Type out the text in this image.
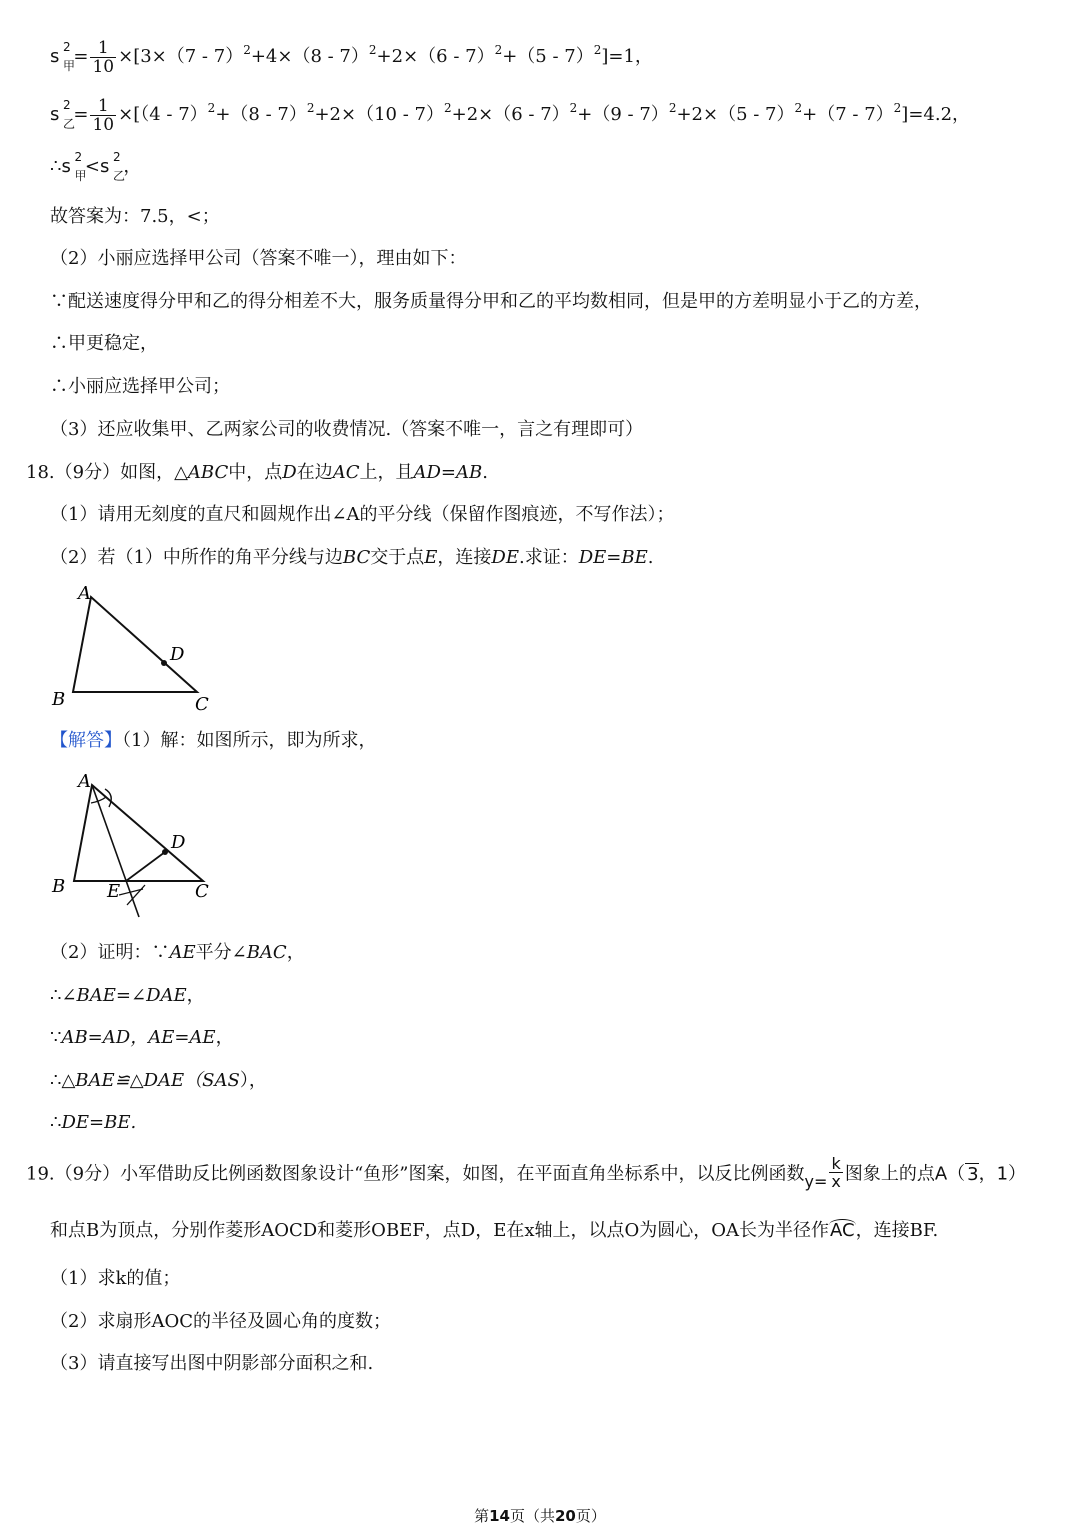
s 2
甲
= $\frac{1}{10} \times[3\times(7 - 7)^2+4\times(8 - 7)^2+2\times(6 - 7)^2+(5 - 7)^2]=1$，
s 2
乙
= $\frac{1}{10} \times[(4 - 7)^2+(8 - 7)^2+2\times(10 - 7)^2+2\times(6 - 7)^2+(9 - 7)^2+2\times(5 - 7)^2+(7 - 7)^2]=4.2$，
∴s 2
甲
<s 2
乙
，
故答案为：7.5，<；
（2）小丽应选择甲公司（答案不唯一），理由如下：
∵配送速度得分甲和乙的得分相差不大，服务质量得分甲和乙的平均数相同，但是甲的方差明显小于乙的方差，
∴甲更稳定，
∴小丽应选择甲公司；
（3）还应收集甲、乙两家公司的收费情况.（答案不唯一，言之有理即可）
18.（9分）如图，△ABC中，点D在边AC上，且AD=AB.
（1）请用无刻度的直尺和圆规作出∠A的平分线（保留作图痕迹，不写作法）；
（2）若（1）中所作的角平分线与边BC交于点E，连接DE.求证：DE=BE.
A
B	C
D
【解答】（1）解：如图所示，即为所求，
A
B	C
D
E
（2）证明：∵AE平分∠BAC，
∴∠BAE=∠DAE，
∵AB=AD，AE=AE，
∴△BAE≌△DAE（SAS），
∴DE=BE.
19.（9分）小军借助反比例函数图象设计“鱼形”图案，如图，在平面直角坐标系中，以反比例函数$y= \frac{k}{x}$ 图象上的点A（ 3，1）
和点B为顶点，分别作菱形AOCD和菱形OBEF，点D，E在x轴上，以点O为圆心，OA长为半径作AC，连接BF.
（1）求k的值；
（2）求扇形AOC的半径及圆心角的度数；
（3）请直接写出图中阴影部分面积之和.
第14页（共20页）
